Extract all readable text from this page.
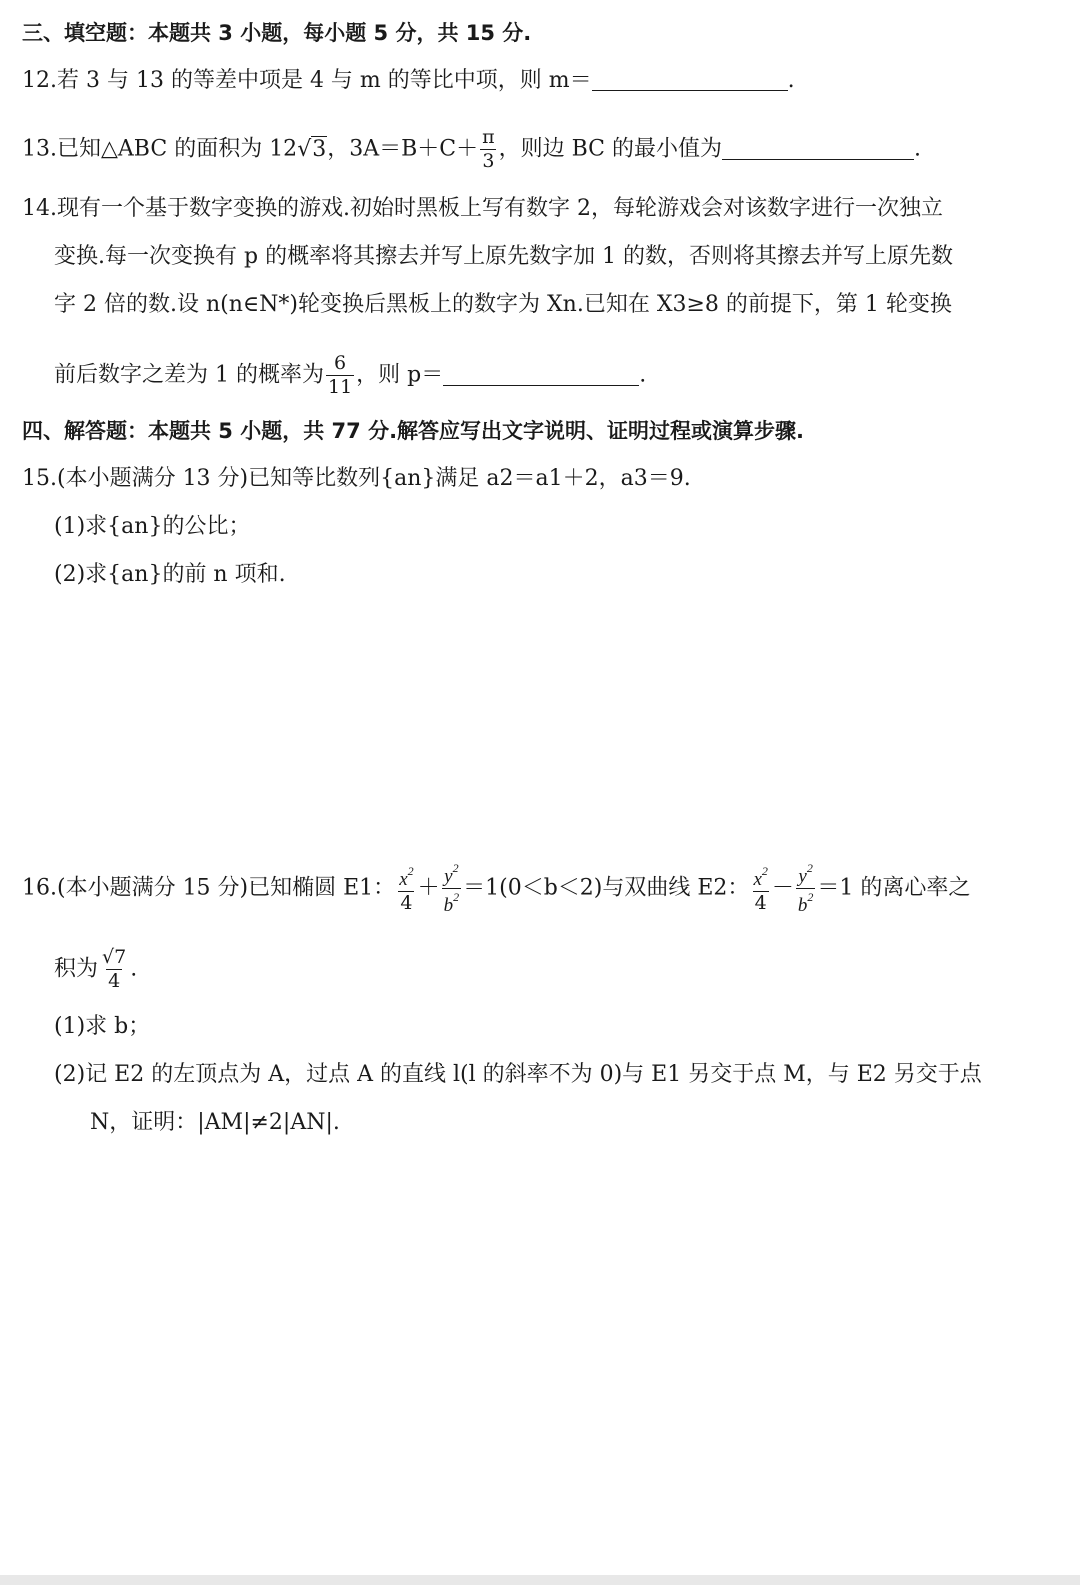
三、填空题：本题共 3 小题，每小题 5 分，共 15 分.
12.若 3 与 13 的等差中项是 4 与 m 的等比中项，则 m＝	.
13.已知△ABC 的面积为 12√3，$3A=B+C+ \frac{\pi}{3}$ ，则边 BC 的最小值为	.
14.现有一个基于数字变换的游戏.初始时黑板上写有数字 2，每轮游戏会对该数字进行一次独立
变换.每一次变换有 p 的概率将其擦去并写上原先数字加 1 的数，否则将其擦去并写上原先数
字 2 倍的数.设 n(n∈N*)轮变换后黑板上的数字为 Xn.已知在 X3≥8 的前提下，第 1 轮变换
前后数字之差为 1 的概率为 $\frac{6}{11}$ ，则 p＝	.
四、解答题：本题共 5 小题，共 77 分.解答应写出文字说明、证明过程或演算步骤.
15.(本小题满分 13 分)已知等比数列{an}满足 a2＝a1＋2，a3＝9.
(1)求{an}的公比；
(2)求{an}的前 n 项和.
16.(本小题满分 15 分)已知椭圆 E1： $\frac{x^2}{4} + \frac{y^2}{b^2} =1(0<b<2)$与双曲线 E2： $\frac{x^2}{4} - \frac{y^2}{b^2} =1$ 的离心率之
积为 $\frac{√7}{4}$ .
(1)求 b；
(2)记 E2 的左顶点为 A，过点 A 的直线 l(l 的斜率不为 0)与 E1 另交于点 M，与 E2 另交于点
N，证明：|AM|≠2|AN|.
